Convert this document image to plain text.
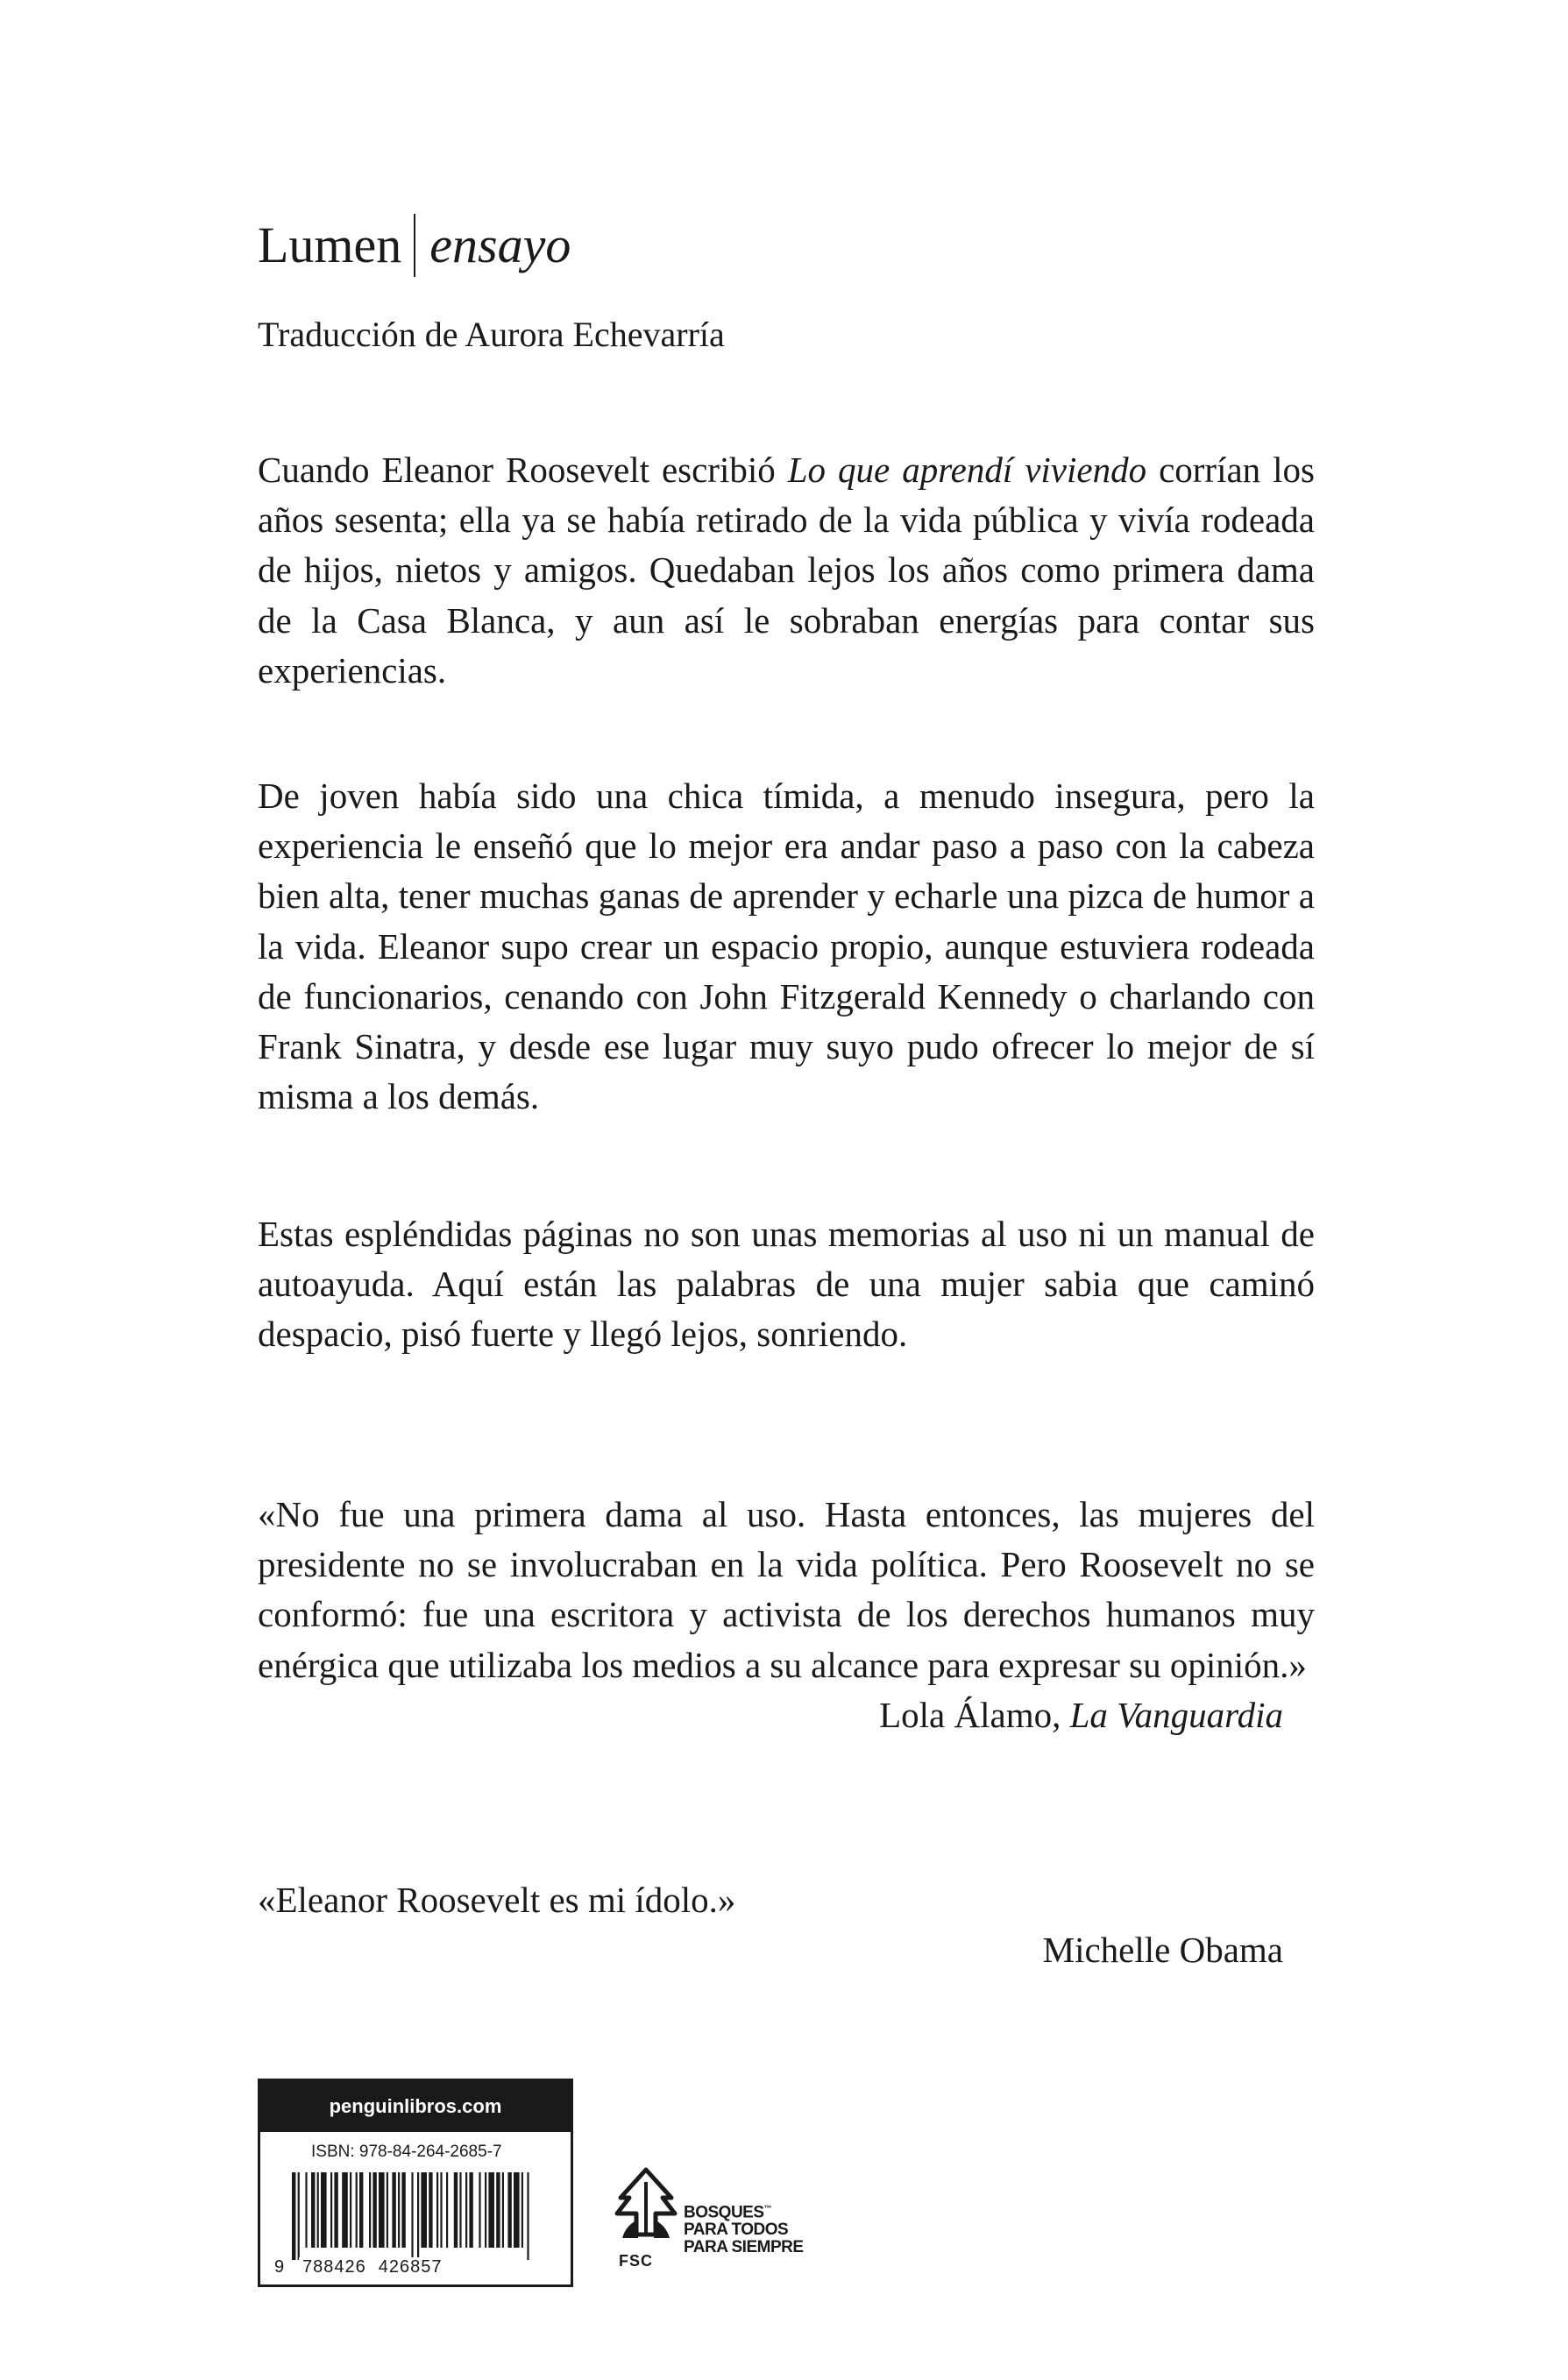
Lumen ensayo
Traducción de Aurora Echevarría

Cuando Eleanor Roosevelt escribió Lo que aprendí viviendo corrían los años sesenta; ella ya se había retirado de la vida pública y vivía rodeada de hijos, nietos y amigos. Quedaban lejos los años como primera dama de la Casa Blanca, y aun así le sobraban energías para contar sus experiencias.

De joven había sido una chica tímida, a menudo insegura, pero la experiencia le enseñó que lo mejor era andar paso a paso con la cabeza bien alta, tener muchas ganas de aprender y echarle una pizca de humor a la vida. Eleanor supo crear un espacio propio, aunque estuviera rodeada de funcionarios, cenando con John Fitzgerald Kennedy o charlando con Frank Sinatra, y desde ese lugar muy suyo pudo ofrecer lo mejor de sí misma a los demás.

Estas espléndidas páginas no son unas memorias al uso ni un manual de autoayuda. Aquí están las palabras de una mujer sabia que caminó despacio, pisó fuerte y llegó lejos, sonriendo.

«No fue una primera dama al uso. Hasta entonces, las mujeres del presidente no se involucraban en la vida política. Pero Roosevelt no se conformó: fue una escritora y activista de los derechos humanos muy enérgica que utilizaba los medios a su alcance para expresar su opinión.»

Lola Álamo, La Vanguardia

«Eleanor Roosevelt es mi ídolo.»

Michelle Obama

penguinlibros.com
ISBN: 978-84-264-2685-7
9 788426 426857	FSC
BOSQUES™
PARA TODOS
PARA SIEMPRE
